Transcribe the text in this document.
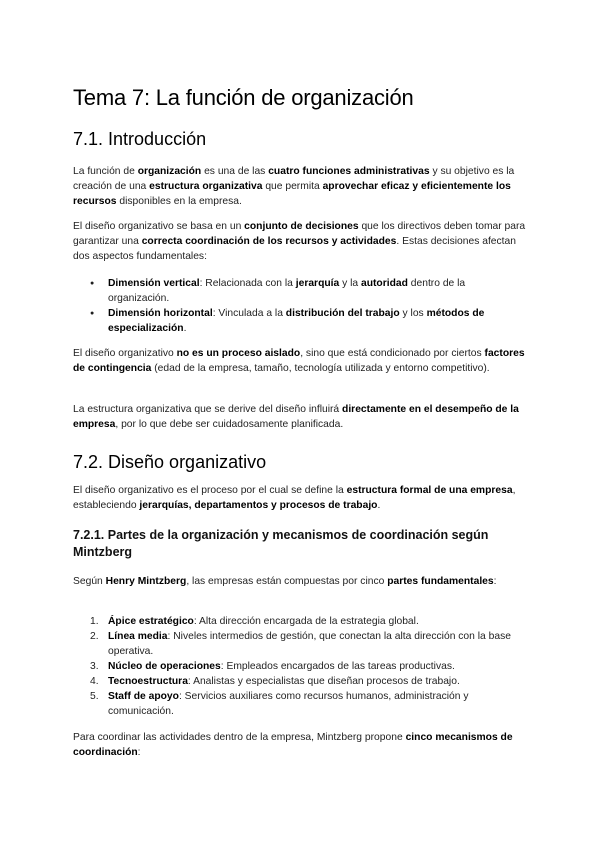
Tema 7: La función de organización
7.1. Introducción

La función de organización es una de las cuatro funciones administrativas y su objetivo es la creación de una estructura organizativa que permita aprovechar eficaz y eficientemente los recursos disponibles en la empresa.

El diseño organizativo se basa en un conjunto de decisiones que los directivos deben tomar para garantizar una correcta coordinación de los recursos y actividades. Estas decisiones afectan dos aspectos fundamentales:

● Dimensión vertical: Relacionada con la jerarquía y la autoridad dentro de la organización.
● Dimensión horizontal: Vinculada a la distribución del trabajo y los métodos de especialización.

El diseño organizativo no es un proceso aislado, sino que está condicionado por ciertos factores de contingencia (edad de la empresa, tamaño, tecnología utilizada y entorno competitivo).

La estructura organizativa que se derive del diseño influirá directamente en el desempeño de la empresa, por lo que debe ser cuidadosamente planificada.

7.2. Diseño organizativo

El diseño organizativo es el proceso por el cual se define la estructura formal de una empresa, estableciendo jerarquías, departamentos y procesos de trabajo.

7.2.1. Partes de la organización y mecanismos de coordinación según Mintzberg

Según Henry Mintzberg, las empresas están compuestas por cinco partes fundamentales:

1. Ápice estratégico: Alta dirección encargada de la estrategia global.
2. Línea media: Niveles intermedios de gestión, que conectan la alta dirección con la base operativa.
3. Núcleo de operaciones: Empleados encargados de las tareas productivas.
4. Tecnoestructura: Analistas y especialistas que diseñan procesos de trabajo.
5. Staff de apoyo: Servicios auxiliares como recursos humanos, administración y comunicación.

Para coordinar las actividades dentro de la empresa, Mintzberg propone cinco mecanismos de coordinación:
